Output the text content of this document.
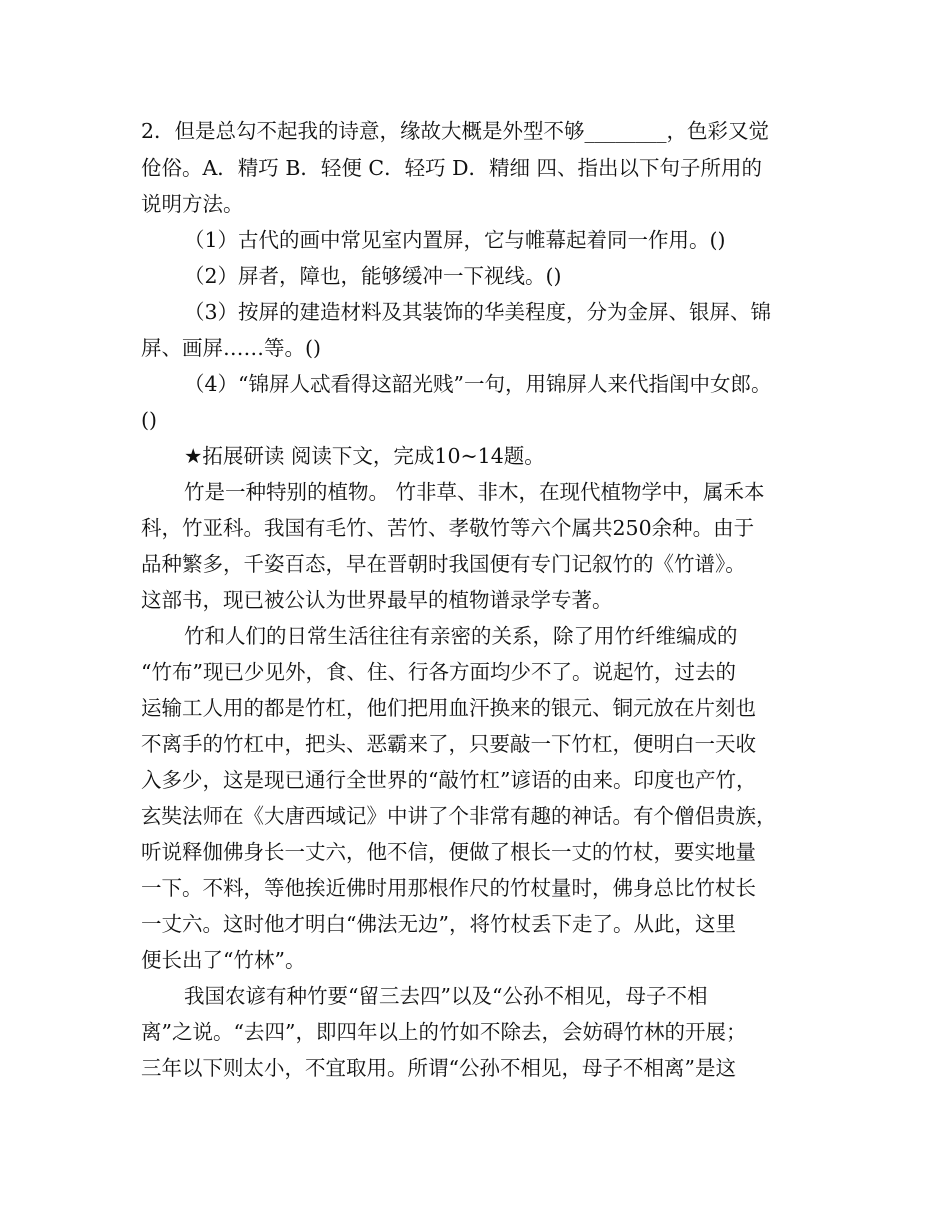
2．但是总勾不起我的诗意，缘故大概是外型不够________，色彩又觉
伧俗。A．精巧 B．轻便 C．轻巧 D．精细 四、指出以下句子所用的
说明方法。
（1）古代的画中常见室内置屏，它与帷幕起着同一作用。()
（2）屏者，障也，能够缓冲一下视线。()
（3）按屏的建造材料及其装饰的华美程度，分为金屏、银屏、锦
屏、画屏……等。()
（4）“锦屏人忒看得这韶光贱”一句，用锦屏人来代指闺中女郎。
()
★拓展研读 阅读下文，完成10~14题。
竹是一种特别的植物。 竹非草、非木，在现代植物学中，属禾本
科，竹亚科。我国有毛竹、苦竹、孝敬竹等六个属共250余种。由于
品种繁多，千姿百态，早在晋朝时我国便有专门记叙竹的《竹谱》。
这部书，现已被公认为世界最早的植物谱录学专著。
竹和人们的日常生活往往有亲密的关系，除了用竹纤维编成的
“竹布”现已少见外，食、住、行各方面均少不了。说起竹，过去的
运输工人用的都是竹杠，他们把用血汗换来的银元、铜元放在片刻也
不离手的竹杠中，把头、恶霸来了，只要敲一下竹杠，便明白一天收
入多少，这是现已通行全世界的“敲竹杠”谚语的由来。印度也产竹，
玄奘法师在《大唐西域记》中讲了个非常有趣的神话。有个僧侣贵族，
听说释伽佛身长一丈六，他不信，便做了根长一丈的竹杖，要实地量
一下。不料，等他挨近佛时用那根作尺的竹杖量时，佛身总比竹杖长
一丈六。这时他才明白“佛法无边”，将竹杖丢下走了。从此，这里
便长出了“竹林”。
我国农谚有种竹要“留三去四”以及“公孙不相见，母子不相
离”之说。“去四”，即四年以上的竹如不除去，会妨碍竹林的开展；
三年以下则太小，不宜取用。所谓“公孙不相见，母子不相离”是这
